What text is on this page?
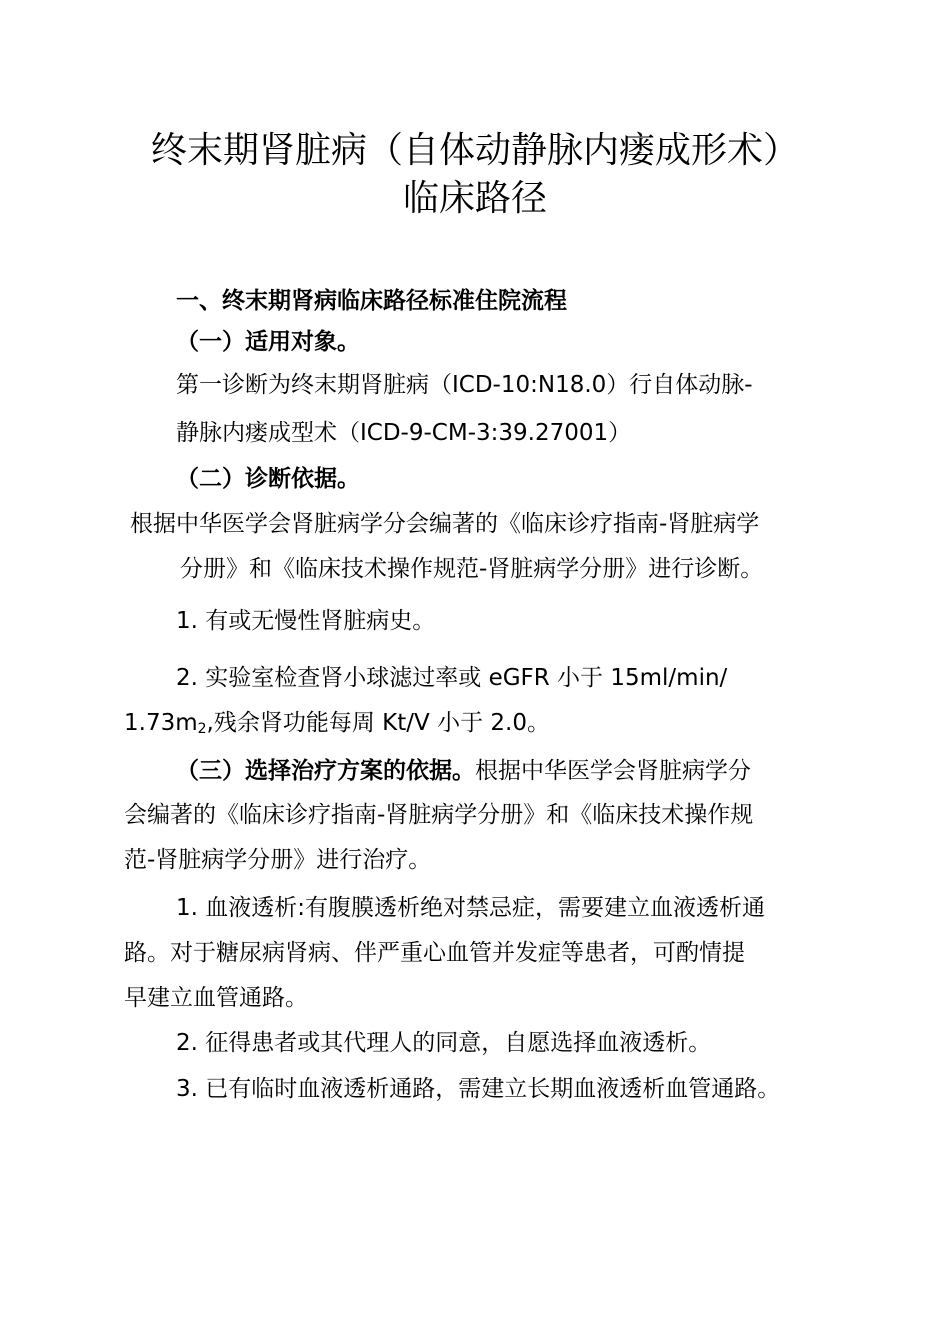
终末期肾脏病（自体动静脉内瘘成形术）
临床路径

一、终末期肾病临床路径标准住院流程

（一）适用对象。

第一诊断为终末期肾脏病（ICD-10:N18.0）行自体动脉-

静脉内瘘成型术（ICD-9-CM-3:39.27001）

（二）诊断依据。

根据中华医学会肾脏病学分会编著的《临床诊疗指南-肾脏病学

分册》和《临床技术操作规范-肾脏病学分册》进行诊断。

1. 有或无慢性肾脏病史。

2. 实验室检查肾小球滤过率或 eGFR 小于 15ml/min/

1.73m2,残余肾功能每周 Kt/V 小于 2.0。

（三）选择治疗方案的依据。根据中华医学会肾脏病学分

会编著的《临床诊疗指南-肾脏病学分册》和《临床技术操作规

范-肾脏病学分册》进行治疗。

1. 血液透析:有腹膜透析绝对禁忌症，需要建立血液透析通

路。对于糖尿病肾病、伴严重心血管并发症等患者，可酌情提

早建立血管通路。

2. 征得患者或其代理人的同意，自愿选择血液透析。

3. 已有临时血液透析通路，需建立长期血液透析血管通路。
